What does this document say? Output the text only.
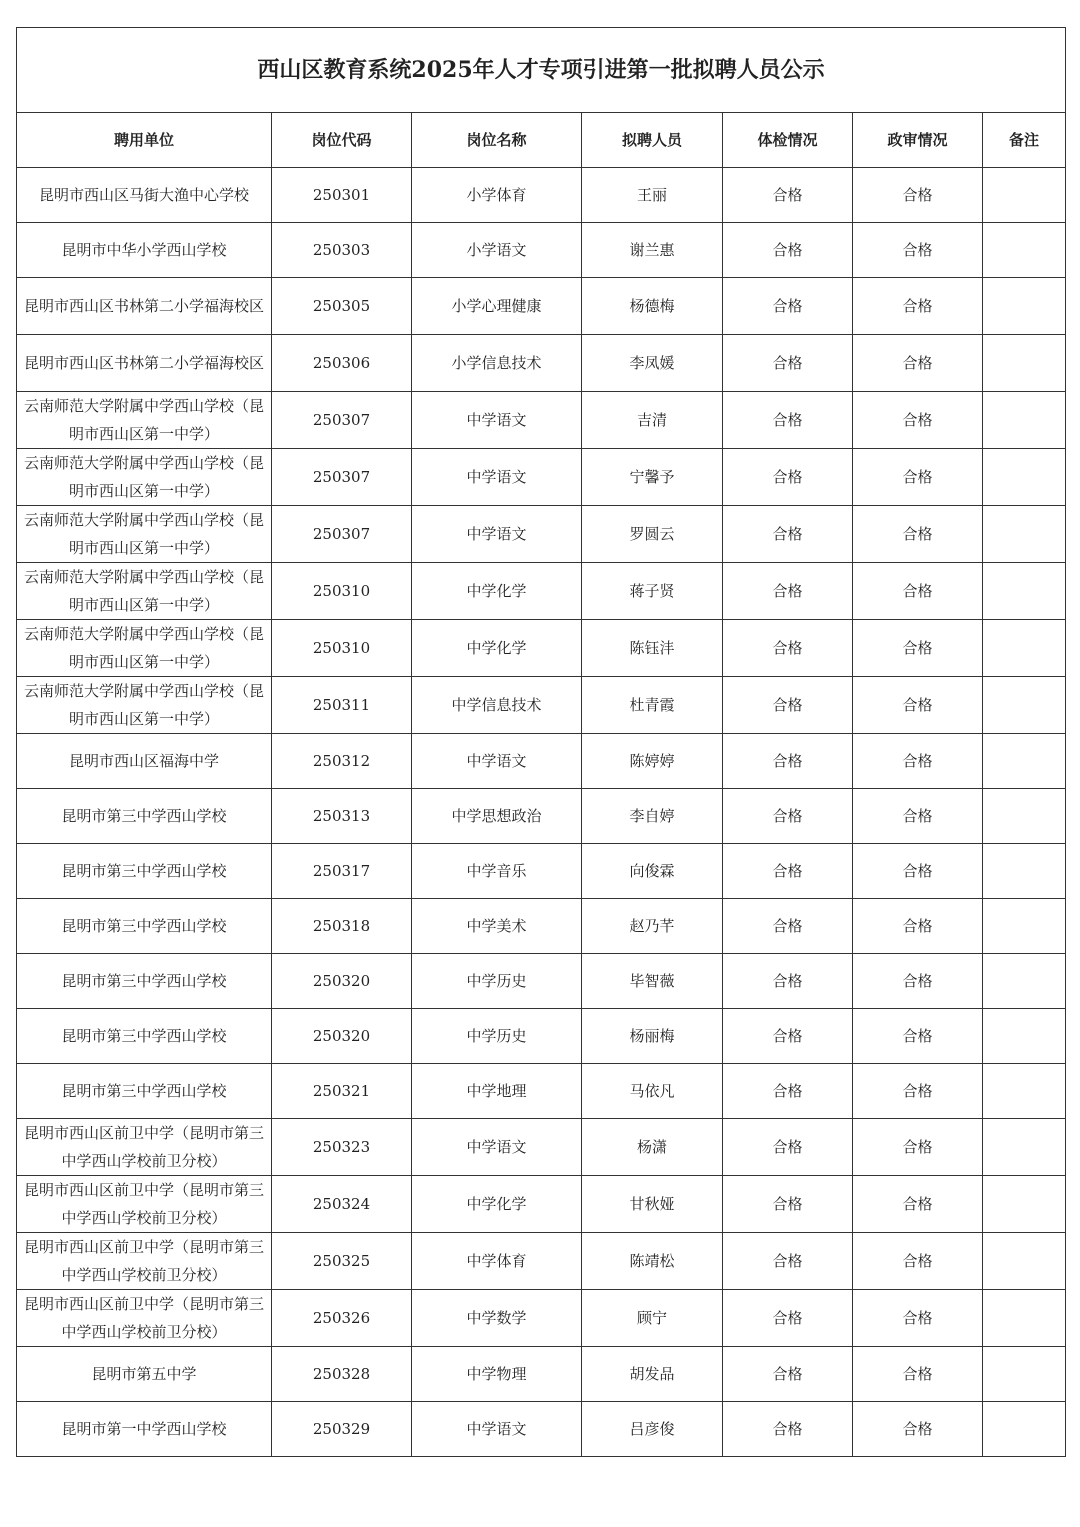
西山区教育系统2025年人才专项引进第一批拟聘人员公示						
聘用单位	岗位代码	岗位名称	拟聘人员	体检情况	政审情况	备注
昆明市西山区马街大渔中心学校	250301	小学体育	王丽	合格	合格	
昆明市中华小学西山学校	250303	小学语文	谢兰惠	合格	合格	
昆明市西山区书林第二小学福海校区	250305	小学心理健康	杨德梅	合格	合格	
昆明市西山区书林第二小学福海校区	250306	小学信息技术	李凤媛	合格	合格	
云南师范大学附属中学西山学校（昆明市西山区第一中学）	250307	中学语文	吉清	合格	合格	
云南师范大学附属中学西山学校（昆明市西山区第一中学）	250307	中学语文	宁馨予	合格	合格	
云南师范大学附属中学西山学校（昆明市西山区第一中学）	250307	中学语文	罗圆云	合格	合格	
云南师范大学附属中学西山学校（昆明市西山区第一中学）	250310	中学化学	蒋子贤	合格	合格	
云南师范大学附属中学西山学校（昆明市西山区第一中学）	250310	中学化学	陈钰沣	合格	合格	
云南师范大学附属中学西山学校（昆明市西山区第一中学）	250311	中学信息技术	杜青霞	合格	合格	
昆明市西山区福海中学	250312	中学语文	陈婷婷	合格	合格	
昆明市第三中学西山学校	250313	中学思想政治	李自婷	合格	合格	
昆明市第三中学西山学校	250317	中学音乐	向俊霖	合格	合格	
昆明市第三中学西山学校	250318	中学美术	赵乃芊	合格	合格	
昆明市第三中学西山学校	250320	中学历史	毕智薇	合格	合格	
昆明市第三中学西山学校	250320	中学历史	杨丽梅	合格	合格	
昆明市第三中学西山学校	250321	中学地理	马依凡	合格	合格	
昆明市西山区前卫中学（昆明市第三中学西山学校前卫分校）	250323	中学语文	杨潇	合格	合格	
昆明市西山区前卫中学（昆明市第三中学西山学校前卫分校）	250324	中学化学	甘秋娅	合格	合格	
昆明市西山区前卫中学（昆明市第三中学西山学校前卫分校）	250325	中学体育	陈靖松	合格	合格	
昆明市西山区前卫中学（昆明市第三中学西山学校前卫分校）	250326	中学数学	顾宁	合格	合格	
昆明市第五中学	250328	中学物理	胡发品	合格	合格	
昆明市第一中学西山学校	250329	中学语文	吕彦俊	合格	合格	
